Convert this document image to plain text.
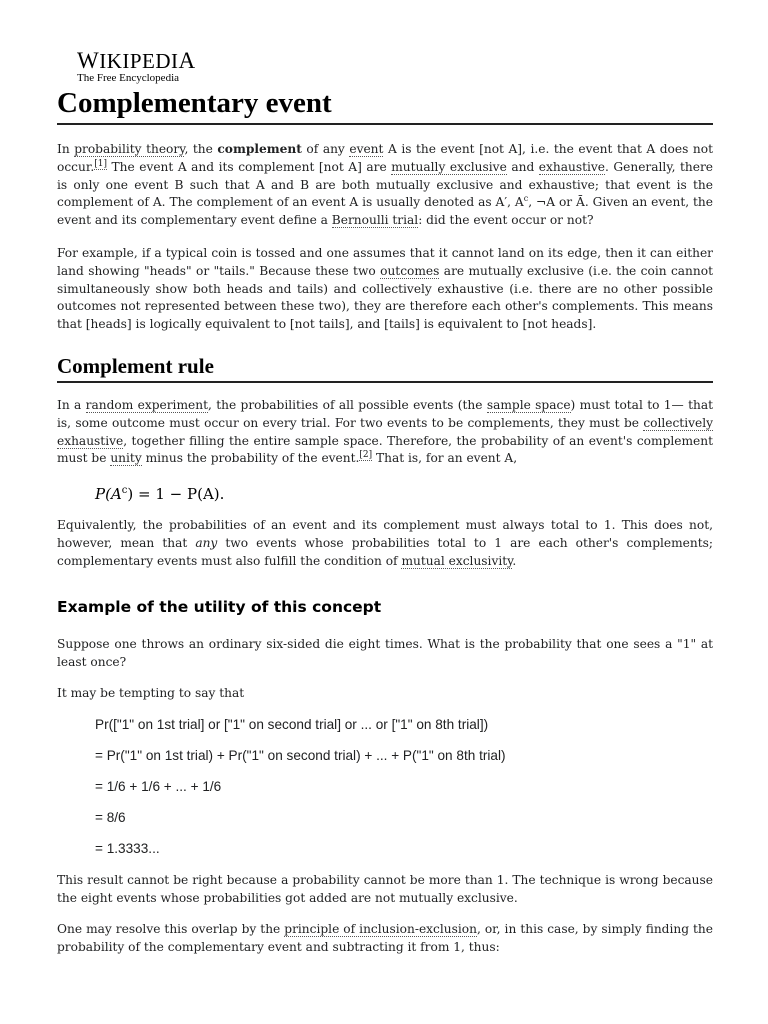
WIKIPEDIA
The Free Encyclopedia
Complementary event

In probability theory, the complement of any event A is the event [not A], i.e. the event that A does not occur.[1] The event A and its complement [not A] are mutually exclusive and exhaustive. Generally, there is only one event B such that A and B are both mutually exclusive and exhaustive; that event is the complement of A. The complement of an event A is usually denoted as A′, $A^c$, ¬A or Ā. Given an event, the event and its complementary event define a Bernoulli trial: did the event occur or not?

For example, if a typical coin is tossed and one assumes that it cannot land on its edge, then it can either land showing "heads" or "tails." Because these two outcomes are mutually exclusive (i.e. the coin cannot simultaneously show both heads and tails) and collectively exhaustive (i.e. there are no other possible outcomes not represented between these two), they are therefore each other's complements. This means that [heads] is logically equivalent to [not tails], and [tails] is equivalent to [not heads].

Complement rule

In a random experiment, the probabilities of all possible events (the sample space) must total to 1— that is, some outcome must occur on every trial. For two events to be complements, they must be collectively exhaustive, together filling the entire sample space. Therefore, the probability of an event's complement must be unity minus the probability of the event.[2] That is, for an event A,

$P(A^c) = 1 - P(A)$.

Equivalently, the probabilities of an event and its complement must always total to 1. This does not, however, mean that any two events whose probabilities total to 1 are each other's complements; complementary events must also fulfill the condition of mutual exclusivity.

Example of the utility of this concept

Suppose one throws an ordinary six-sided die eight times. What is the probability that one sees a "1" at least once?

It may be tempting to say that

Pr(["1" on 1st trial] or ["1" on second trial] or ... or ["1" on 8th trial])
= Pr("1" on 1st trial) + Pr("1" on second trial) + ... + P("1" on 8th trial)
= 1/6 + 1/6 + ... + 1/6
= 8/6
= 1.3333...

This result cannot be right because a probability cannot be more than 1. The technique is wrong because the eight events whose probabilities got added are not mutually exclusive.

One may resolve this overlap by the principle of inclusion-exclusion, or, in this case, by simply finding the probability of the complementary event and subtracting it from 1, thus:
